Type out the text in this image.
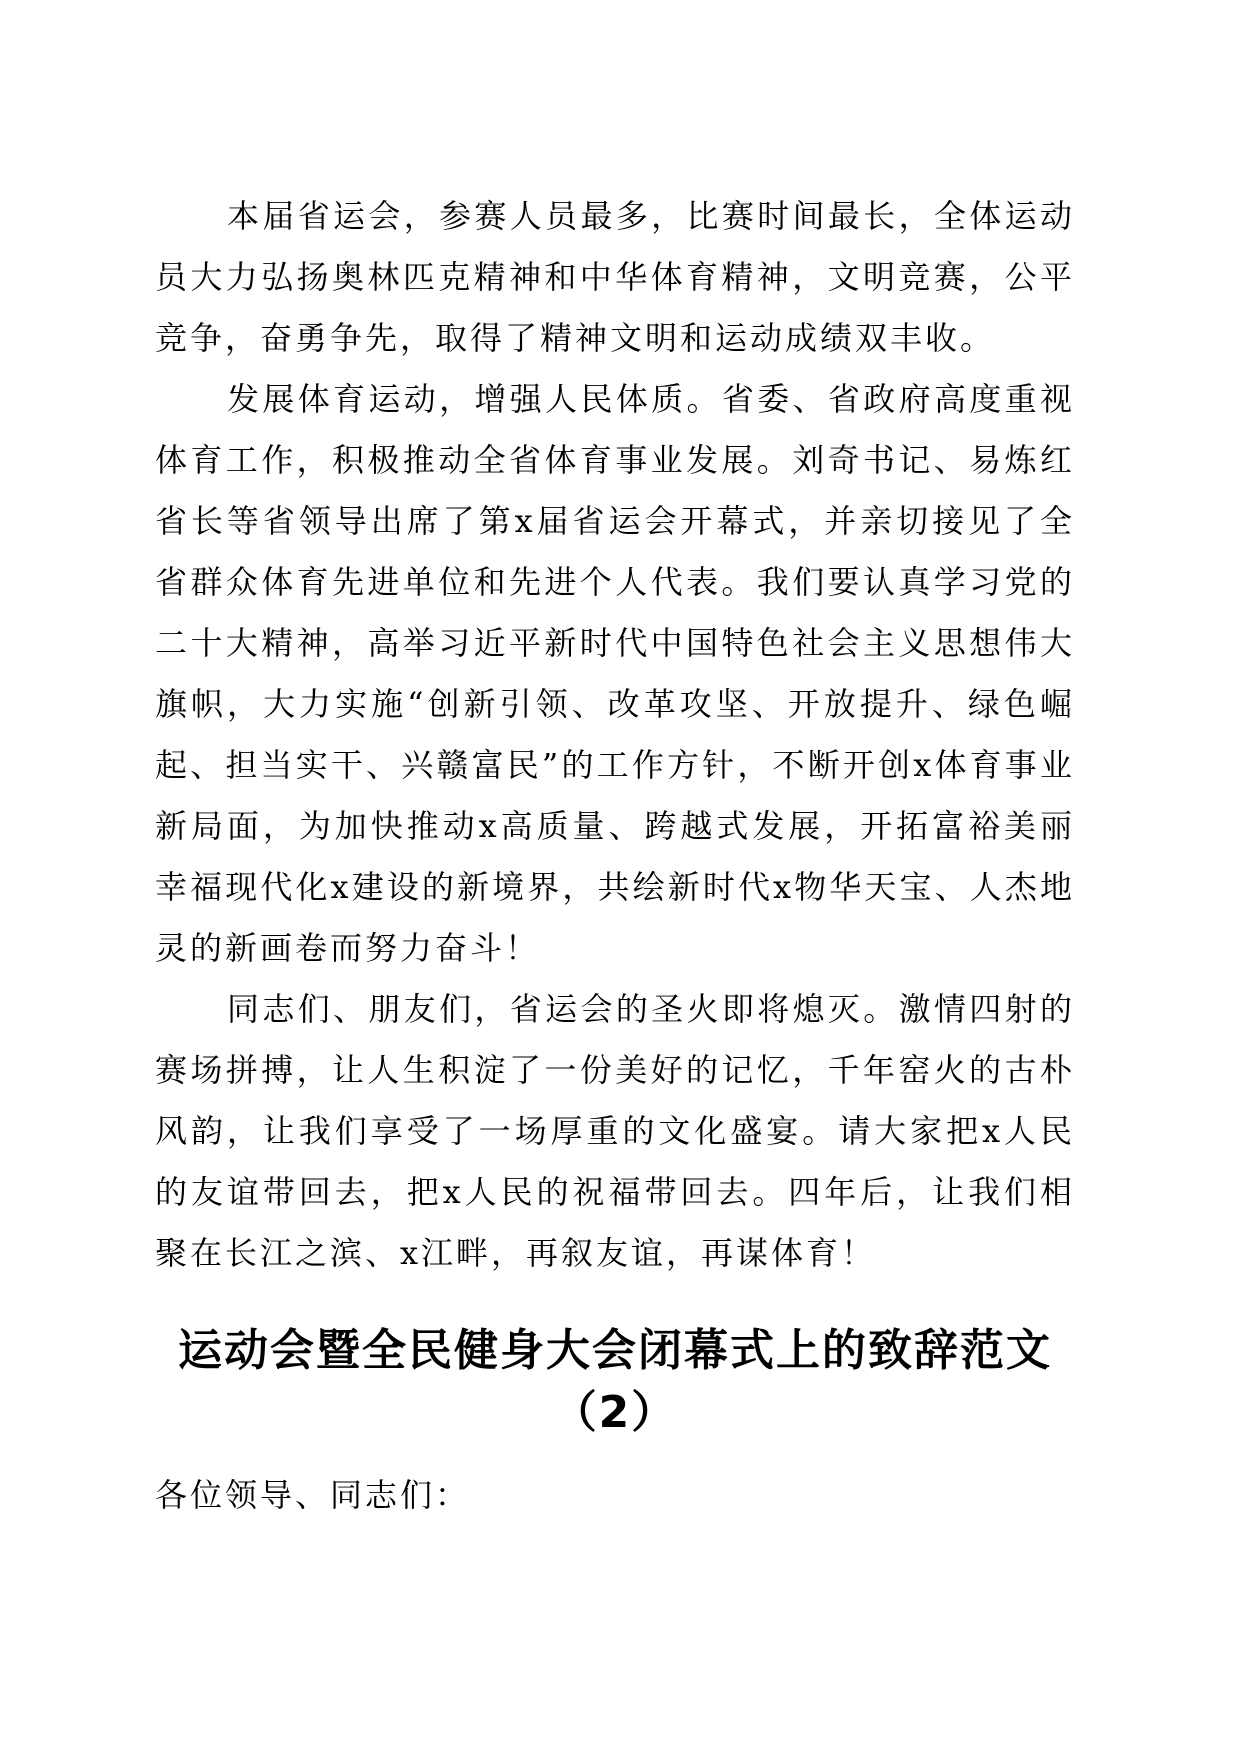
本届省运会，参赛人员最多，比赛时间最长，全体运动员大力弘扬奥林匹克精神和中华体育精神，文明竞赛，公平竞争，奋勇争先，取得了精神文明和运动成绩双丰收。

发展体育运动，增强人民体质。省委、省政府高度重视体育工作，积极推动全省体育事业发展。刘奇书记、易炼红省长等省领导出席了第x届省运会开幕式，并亲切接见了全省群众体育先进单位和先进个人代表。我们要认真学习党的二十大精神，高举习近平新时代中国特色社会主义思想伟大旗帜，大力实施“创新引领、改革攻坚、开放提升、绿色崛起、担当实干、兴赣富民”的工作方针，不断开创x体育事业新局面，为加快推动x高质量、跨越式发展，开拓富裕美丽幸福现代化x建设的新境界，共绘新时代x物华天宝、人杰地灵的新画卷而努力奋斗！

同志们、朋友们，省运会的圣火即将熄灭。激情四射的赛场拼搏，让人生积淀了一份美好的记忆，千年窑火的古朴风韵，让我们享受了一场厚重的文化盛宴。请大家把x人民的友谊带回去，把x人民的祝福带回去。四年后，让我们相聚在长江之滨、x江畔，再叙友谊，再谋体育！

运动会暨全民健身大会闭幕式上的致辞范文
（2）

各位领导、同志们：
